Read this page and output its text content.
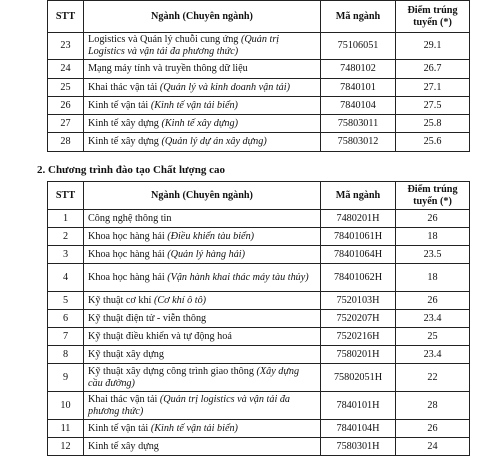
STT	Ngành (Chuyên ngành)	Mã ngành	Điểm trúng tuyển (*)
23	Logistics và Quản lý chuỗi cung ứng (Quản trị Logistics và vận tải đa phương thức)	75106051	29.1
24	Mạng máy tính và truyền thông dữ liệu	7480102	26.7
25	Khai thác vận tải (Quản lý và kinh doanh vận tải)	7840101	27.1
26	Kinh tế vận tải (Kinh tế vận tải biển)	7840104	27.5
27	Kinh tế xây dựng (Kinh tế xây dựng)	75803011	25.8
28	Kinh tế xây dựng (Quản lý dự án xây dựng)	75803012	25.6
2. Chương trình đào tạo Chất lượng cao
STT	Ngành (Chuyên ngành)	Mã ngành	Điểm trúng tuyển (*)
1	Công nghệ thông tin	7480201H	26
2	Khoa học hàng hải (Điều khiển tàu biển)	78401061H	18
3	Khoa học hàng hải (Quản lý hàng hải)	78401064H	23.5
4	Khoa học hàng hải (Vận hành khai thác máy tàu thủy)	78401062H	18
5	Kỹ thuật cơ khí (Cơ khí ô tô)	7520103H	26
6	Kỹ thuật điện tử - viễn thông	7520207H	23.4
7	Kỹ thuật điều khiển và tự động hoá	7520216H	25
8	Kỹ thuật xây dựng	7580201H	23.4
9	Kỹ thuật xây dựng công trình giao thông (Xây dựng cầu đường)	75802051H	22
10	Khai thác vận tải (Quản trị logistics và vận tải đa phương thức)	7840101H	28
11	Kinh tế vận tải (Kinh tế vận tải biển)	7840104H	26
12	Kinh tế xây dựng	7580301H	24
